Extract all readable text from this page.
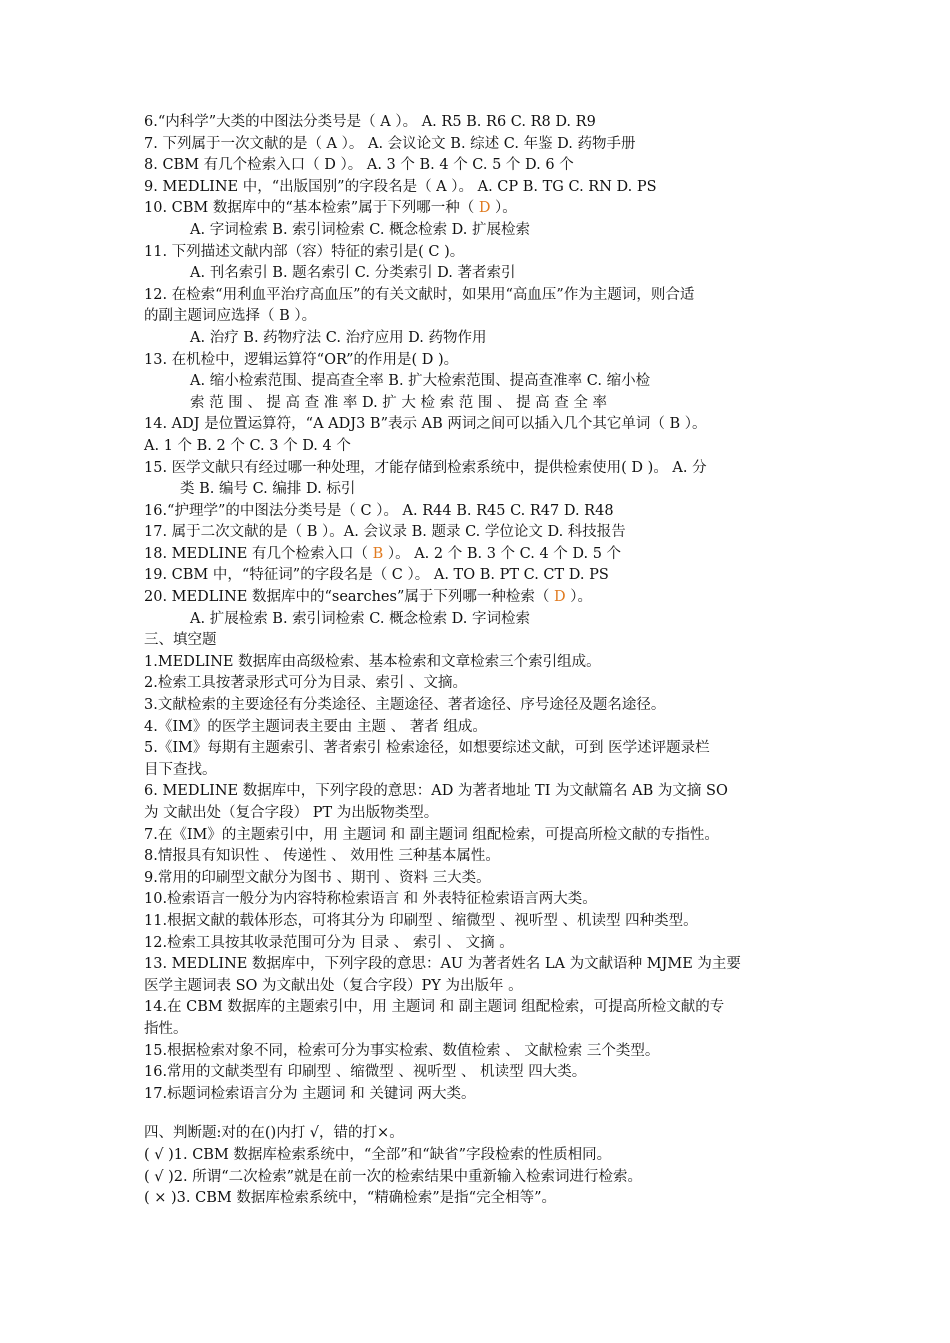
6.“内科学”大类的中图法分类号是（ A ）。 A. R5 B. R6 C. R8 D. R9
7. 下列属于一次文献的是（ A ）。 A. 会议论文 B. 综述 C. 年鉴 D. 药物手册
8. CBM 有几个检索入口（ D ）。 A. 3 个 B. 4 个 C. 5 个 D. 6 个
9. MEDLINE 中，“出版国别”的字段名是（ A ）。 A. CP B. TG C. RN D. PS
10. CBM 数据库中的“基本检索”属于下列哪一种（ D ）。
A. 字词检索 B. 索引词检索 C. 概念检索 D. 扩展检索
11. 下列描述文献内部（容）特征的索引是( C )。
A. 刊名索引 B. 题名索引 C. 分类索引 D. 著者索引
12. 在检索“用利血平治疗高血压”的有关文献时，如果用“高血压”作为主题词，则合适
的副主题词应选择（ B ）。
A. 治疗 B. 药物疗法 C. 治疗应用 D. 药物作用
13. 在机检中，逻辑运算符“OR”的作用是( D )。
A. 缩小检索范围、提高查全率 B. 扩大检索范围、提高查准率 C. 缩小检
索 范 围 、 提 高 查 准 率 D. 扩 大 检 索 范 围 、 提 高 查 全 率
14. ADJ 是位置运算符，“A ADJ3 B”表示 AB 两词之间可以插入几个其它单词（ B ）。
A. 1 个 B. 2 个 C. 3 个 D. 4 个
15. 医学文献只有经过哪一种处理，才能存储到检索系统中，提供检索使用( D )。 A. 分
类 B. 编号 C. 编排 D. 标引
16.“护理学”的中图法分类号是（ C ）。 A. R44 B. R45 C. R47 D. R48
17. 属于二次文献的是（ B ）。A. 会议录 B. 题录 C. 学位论文 D. 科技报告
18. MEDLINE 有几个检索入口（ B ）。 A. 2 个 B. 3 个 C. 4 个 D. 5 个
19. CBM 中，“特征词”的字段名是（ C ）。 A. TO B. PT C. CT D. PS
20. MEDLINE 数据库中的“searches”属于下列哪一种检索（ D ）。
A. 扩展检索 B. 索引词检索 C. 概念检索 D. 字词检索
三、填空题
1.MEDLINE 数据库由高级检索、基本检索和文章检索三个索引组成。
2.检索工具按著录形式可分为目录、索引 、文摘。
3.文献检索的主要途径有分类途径、主题途径、著者途径、序号途径及题名途径。
4.《IM》的医学主题词表主要由 主题 、 著者 组成。
5.《IM》每期有主题索引、著者索引 检索途径，如想要综述文献，可到 医学述评题录栏
目下查找。
6. MEDLINE 数据库中，下列字段的意思：AD 为著者地址 TI 为文献篇名 AB 为文摘 SO
为 文献出处（复合字段） PT 为出版物类型。
7.在《IM》的主题索引中，用 主题词 和 副主题词 组配检索，可提高所检文献的专指性。
8.情报具有知识性 、 传递性 、 效用性 三种基本属性。
9.常用的印刷型文献分为图书 、期刊 、资料 三大类。
10.检索语言一般分为内容特称检索语言 和 外表特征检索语言两大类。
11.根据文献的载体形态，可将其分为 印刷型 、缩微型 、视听型 、机读型 四种类型。
12.检索工具按其收录范围可分为 目录 、 索引 、 文摘 。
13. MEDLINE 数据库中，下列字段的意思：AU 为著者姓名 LA 为文献语种 MJME 为主要
医学主题词表 SO 为文献出处（复合字段）PY 为出版年 。
14.在 CBM 数据库的主题索引中，用 主题词 和 副主题词 组配检索，可提高所检文献的专
指性。
15.根据检索对象不同，检索可分为事实检索、数值检索 、 文献检索 三个类型。
16.常用的文献类型有 印刷型 、缩微型 、视听型 、 机读型 四大类。
17.标题词检索语言分为 主题词 和 关键词 两大类。
四、判断题:对的在()内打 √，错的打×。
( √ )1. CBM 数据库检索系统中，“全部”和“缺省”字段检索的性质相同。
( √ )2. 所谓“二次检索”就是在前一次的检索结果中重新输入检索词进行检索。
( × )3. CBM 数据库检索系统中，“精确检索”是指“完全相等”。
